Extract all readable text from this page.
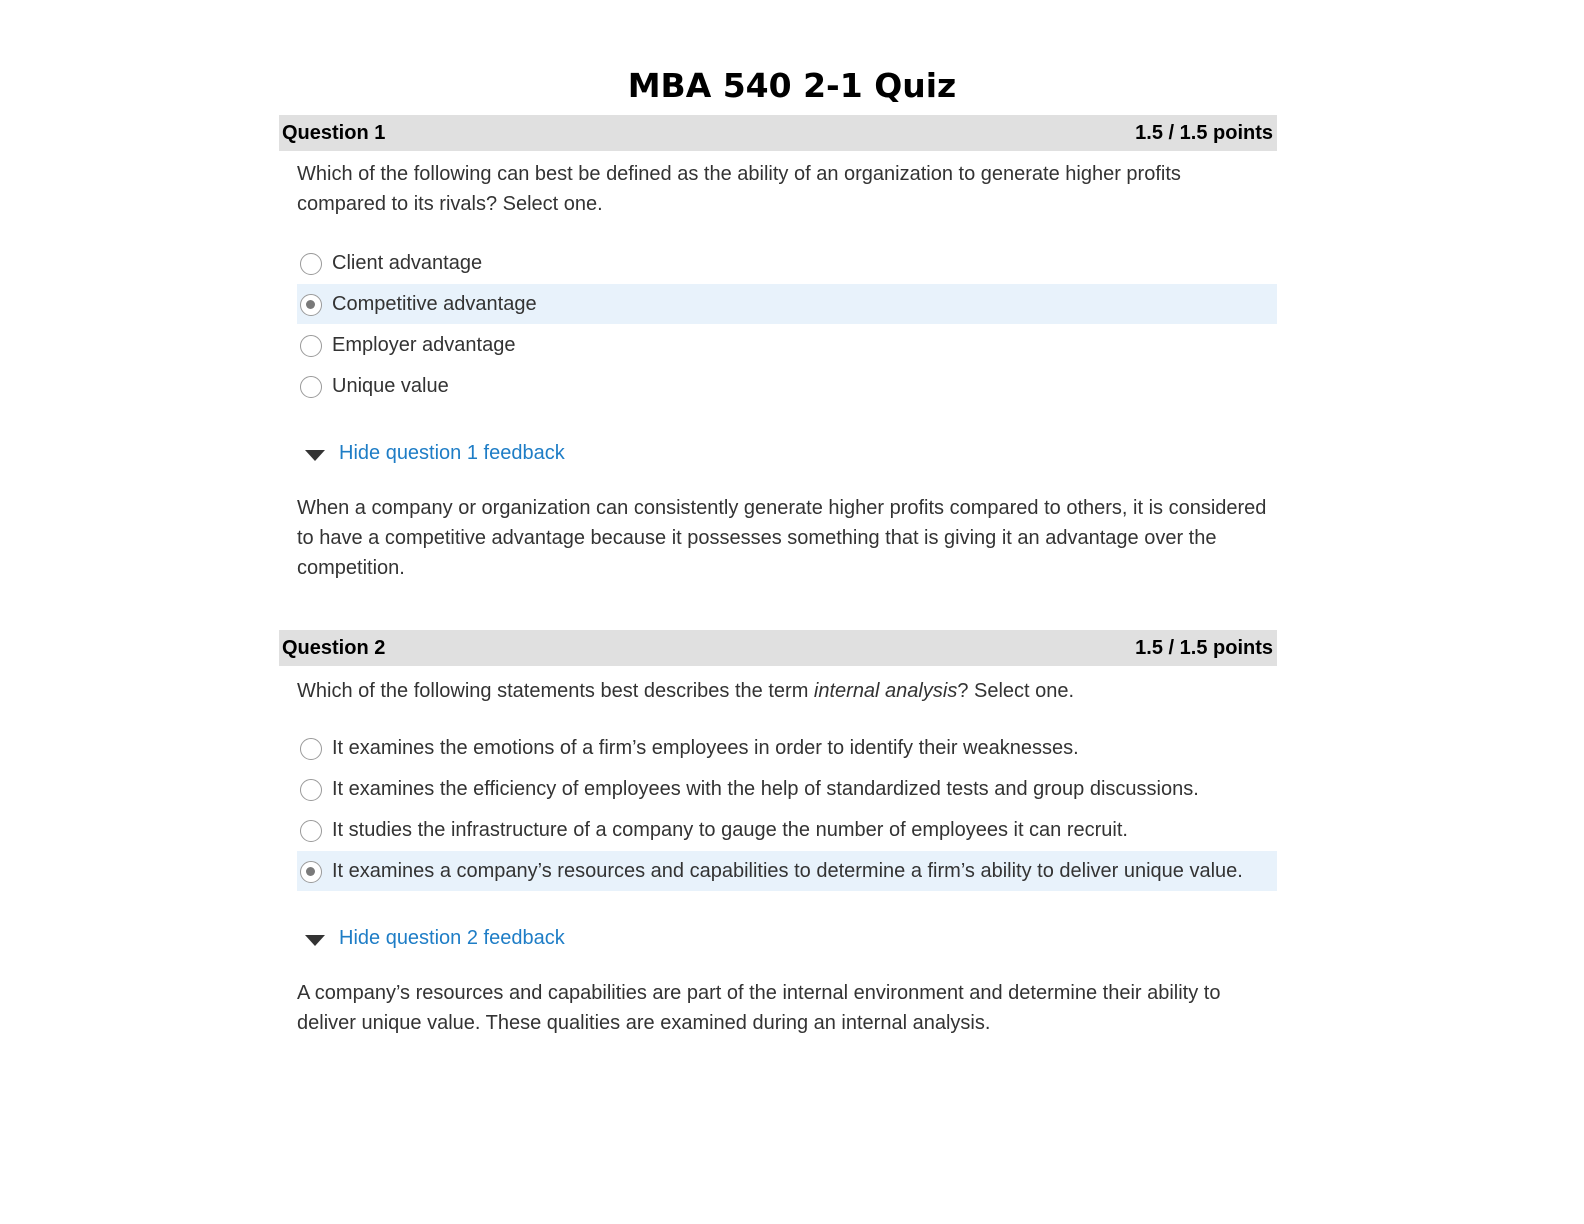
MBA 540 2-1 Quiz
Question 1	1.5 / 1.5 points

Which of the following can best be defined as the ability of an organization to generate higher profits compared to its rivals? Select one.

Client advantage
Competitive advantage
Employer advantage
Unique value
Hide question 1 feedback

When a company or organization can consistently generate higher profits compared to others, it is considered to have a competitive advantage because it possesses something that is giving it an advantage over the competition.

Question 2	1.5 / 1.5 points

Which of the following statements best describes the term internal analysis? Select one.

It examines the emotions of a firm’s employees in order to identify their weaknesses.
It examines the efficiency of employees with the help of standardized tests and group discussions.
It studies the infrastructure of a company to gauge the number of employees it can recruit.
It examines a company’s resources and capabilities to determine a firm’s ability to deliver unique value.
Hide question 2 feedback

A company’s resources and capabilities are part of the internal environment and determine their ability to deliver unique value. These qualities are examined during an internal analysis.
